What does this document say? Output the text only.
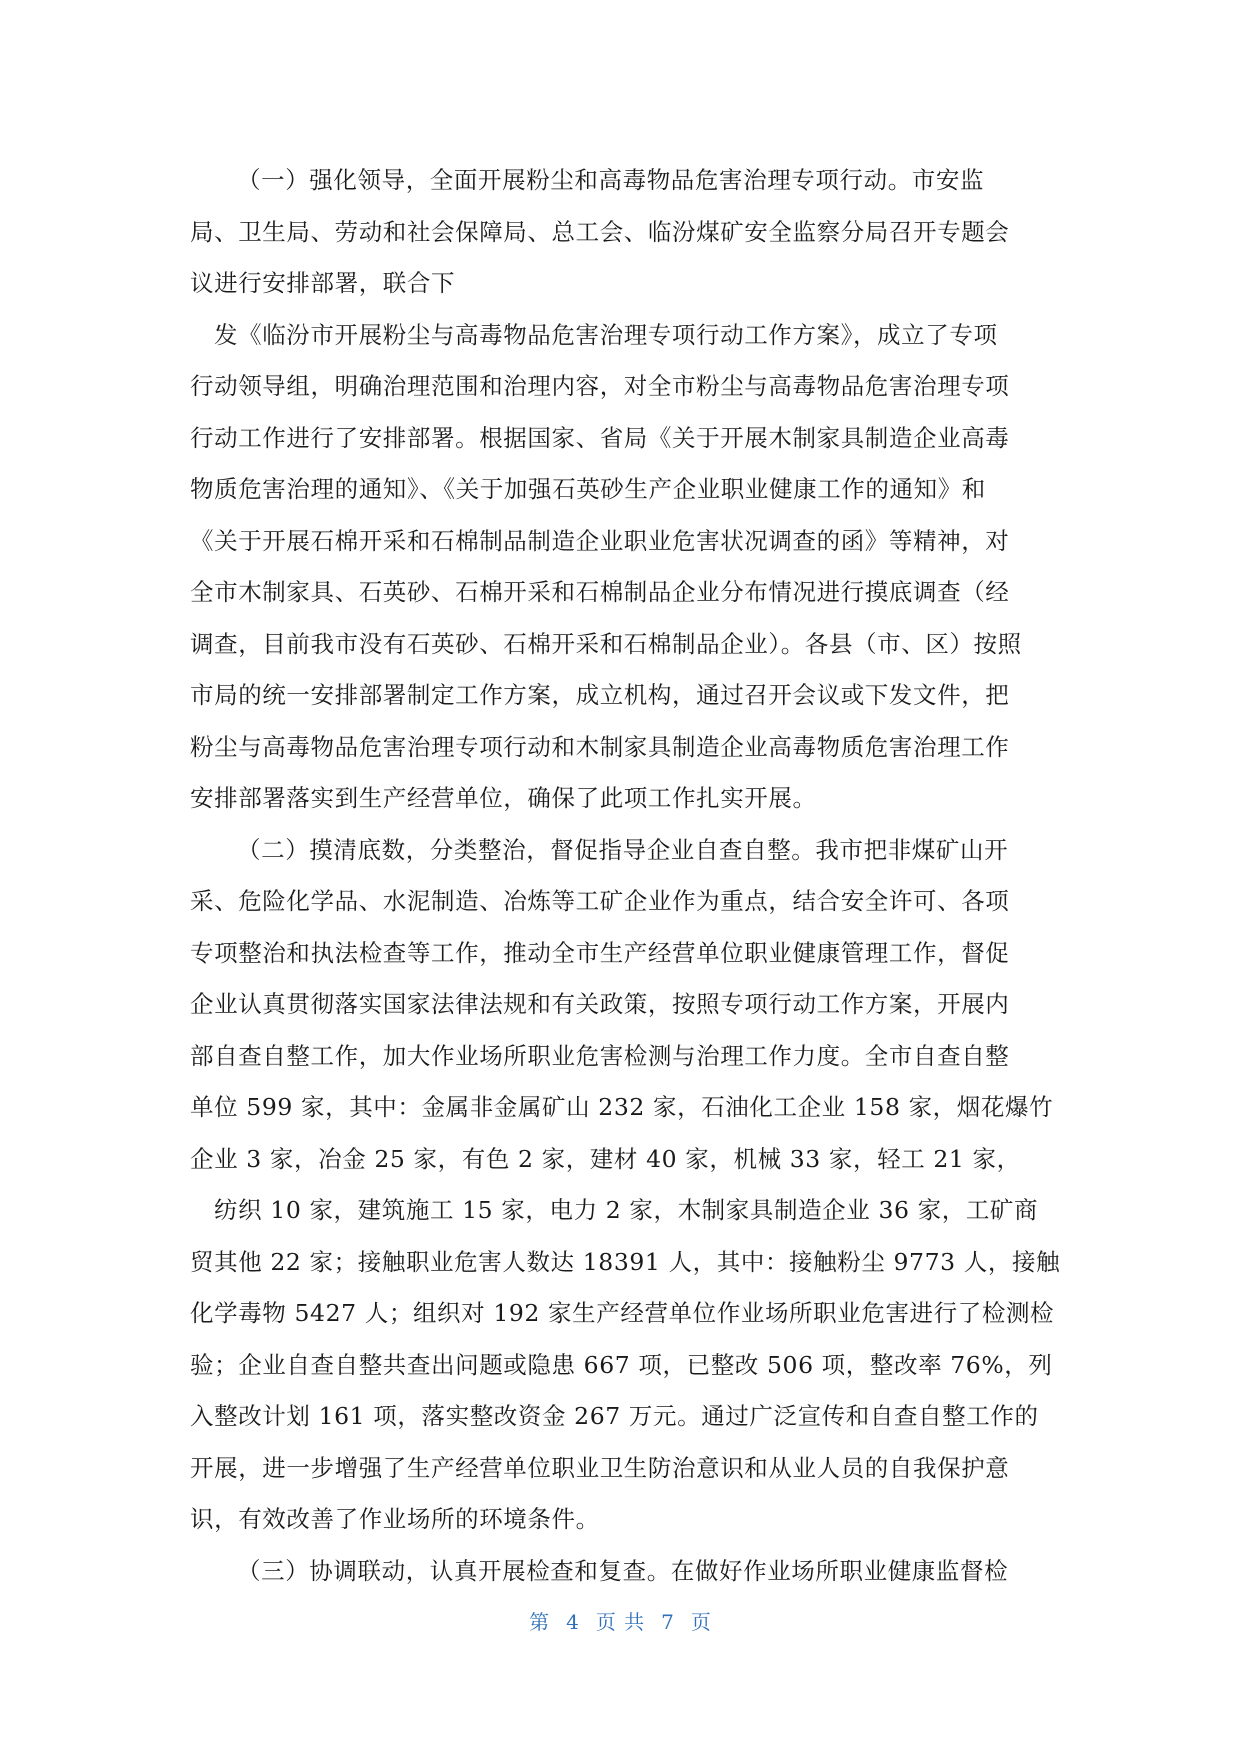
（一）强化领导，全面开展粉尘和高毒物品危害治理专项行动。市安监
局、卫生局、劳动和社会保障局、总工会、临汾煤矿安全监察分局召开专题会
议进行安排部署，联合下
发《临汾市开展粉尘与高毒物品危害治理专项行动工作方案》，成立了专项
行动领导组，明确治理范围和治理内容，对全市粉尘与高毒物品危害治理专项
行动工作进行了安排部署。根据国家、省局《关于开展木制家具制造企业高毒
物质危害治理的通知》、《关于加强石英砂生产企业职业健康工作的通知》和
《关于开展石棉开采和石棉制品制造企业职业危害状况调查的函》等精神，对
全市木制家具、石英砂、石棉开采和石棉制品企业分布情况进行摸底调查（经
调查，目前我市没有石英砂、石棉开采和石棉制品企业）。各县（市、区）按照
市局的统一安排部署制定工作方案，成立机构，通过召开会议或下发文件，把
粉尘与高毒物品危害治理专项行动和木制家具制造企业高毒物质危害治理工作
安排部署落实到生产经营单位，确保了此项工作扎实开展。
（二）摸清底数，分类整治，督促指导企业自查自整。我市把非煤矿山开
采、危险化学品、水泥制造、冶炼等工矿企业作为重点，结合安全许可、各项
专项整治和执法检查等工作，推动全市生产经营单位职业健康管理工作，督促
企业认真贯彻落实国家法律法规和有关政策，按照专项行动工作方案，开展内
部自查自整工作，加大作业场所职业危害检测与治理工作力度。全市自查自整
单位 599 家，其中：金属非金属矿山 232 家，石油化工企业 158 家，烟花爆竹
企业 3 家，冶金 25 家，有色 2 家，建材 40 家，机械 33 家，轻工 21 家，
纺织 10 家，建筑施工 15 家，电力 2 家，木制家具制造企业 36 家，工矿商
贸其他 22 家；接触职业危害人数达 18391 人，其中：接触粉尘 9773 人，接触
化学毒物 5427 人；组织对 192 家生产经营单位作业场所职业危害进行了检测检
验；企业自查自整共查出问题或隐患 667 项，已整改 506 项，整改率 76%，列
入整改计划 161 项，落实整改资金 267 万元。通过广泛宣传和自查自整工作的
开展，进一步增强了生产经营单位职业卫生防治意识和从业人员的自我保护意
识，有效改善了作业场所的环境条件。
（三）协调联动，认真开展检查和复查。在做好作业场所职业健康监督检
第 4 页 共 7 页
